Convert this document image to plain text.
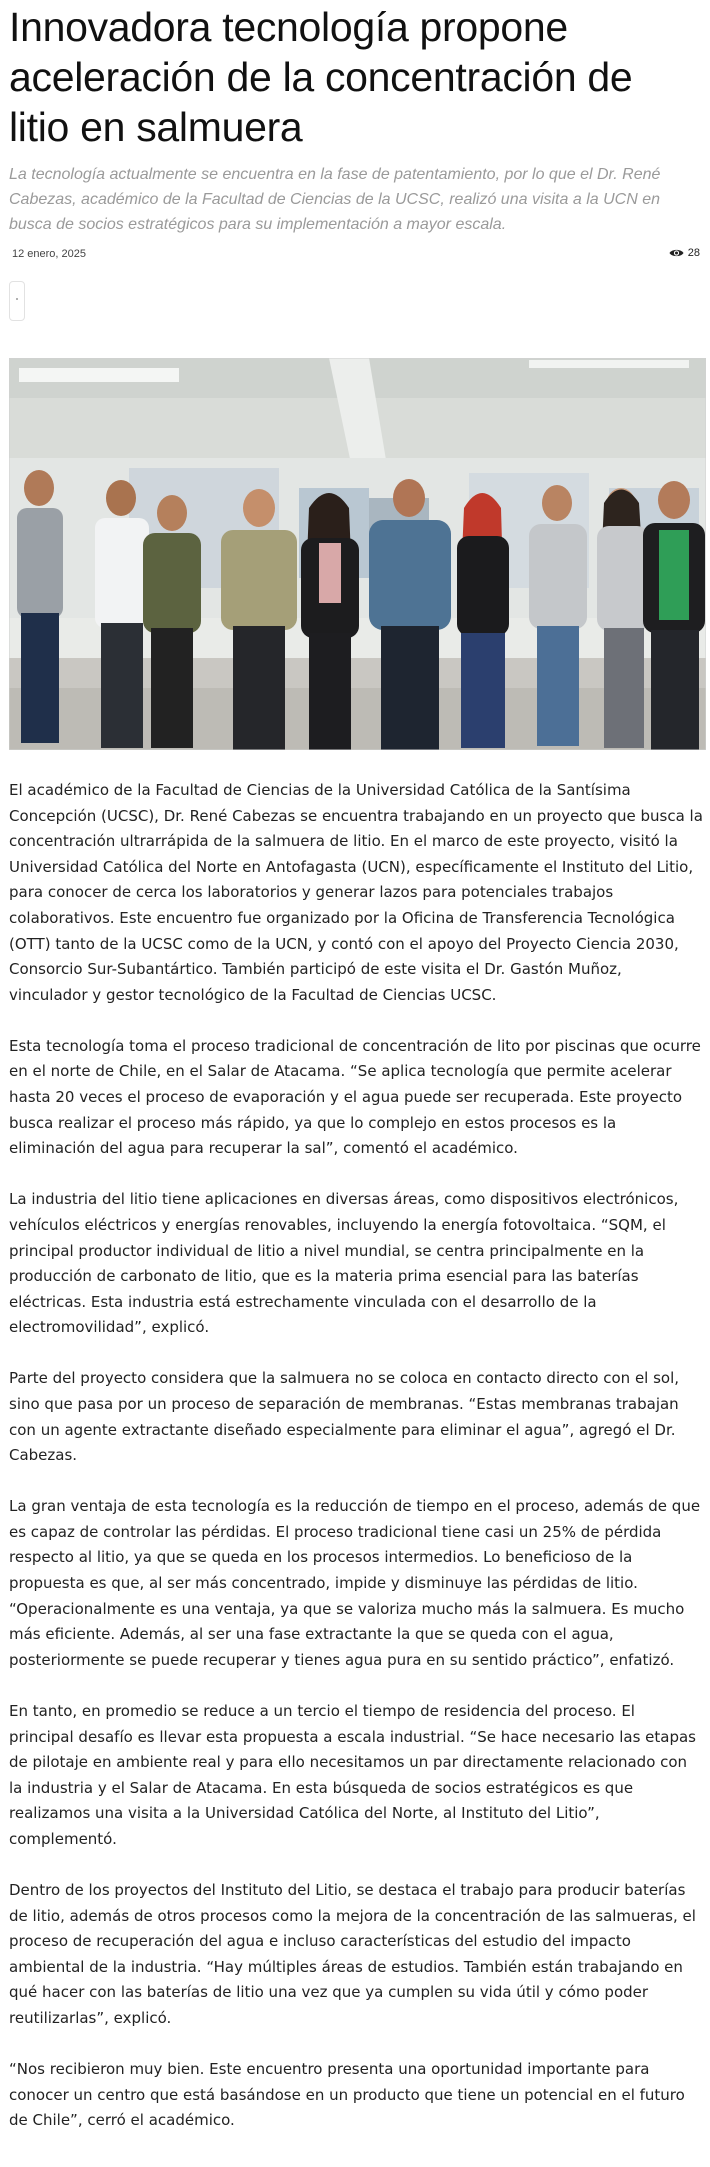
Innovadora tecnología propone aceleración de la concentración de litio en salmuera

La tecnología actualmente se encuentra en la fase de patentamiento, por lo que el Dr. René Cabezas, académico de la Facultad de Ciencias de la UCSC, realizó una visita a la UCN en busca de socios estratégicos para su implementación a mayor escala.

12 enero, 2025	28

El académico de la Facultad de Ciencias de la Universidad Católica de la Santísima Concepción (UCSC), Dr. René Cabezas se encuentra trabajando en un proyecto que busca la concentración ultrarrápida de la salmuera de litio. En el marco de este proyecto, visitó la Universidad Católica del Norte en Antofagasta (UCN), específicamente el Instituto del Litio, para conocer de cerca los laboratorios y generar lazos para potenciales trabajos colaborativos. Este encuentro fue organizado por la Oficina de Transferencia Tecnológica (OTT) tanto de la UCSC como de la UCN, y contó con el apoyo del Proyecto Ciencia 2030, Consorcio Sur-Subantártico. También participó de este visita el Dr. Gastón Muñoz, vinculador y gestor tecnológico de la Facultad de Ciencias UCSC.

Esta tecnología toma el proceso tradicional de concentración de lito por piscinas que ocurre en el norte de Chile, en el Salar de Atacama. “Se aplica tecnología que permite acelerar hasta 20 veces el proceso de evaporación y el agua puede ser recuperada. Este proyecto busca realizar el proceso más rápido, ya que lo complejo en estos procesos es la eliminación del agua para recuperar la sal”, comentó el académico.

La industria del litio tiene aplicaciones en diversas áreas, como dispositivos electrónicos, vehículos eléctricos y energías renovables, incluyendo la energía fotovoltaica. “SQM, el principal productor individual de litio a nivel mundial, se centra principalmente en la producción de carbonato de litio, que es la materia prima esencial para las baterías eléctricas. Esta industria está estrechamente vinculada con el desarrollo de la electromovilidad”, explicó.

Parte del proyecto considera que la salmuera no se coloca en contacto directo con el sol, sino que pasa por un proceso de separación de membranas. “Estas membranas trabajan con un agente extractante diseñado especialmente para eliminar el agua”, agregó el Dr. Cabezas.

La gran ventaja de esta tecnología es la reducción de tiempo en el proceso, además de que es capaz de controlar las pérdidas. El proceso tradicional tiene casi un 25% de pérdida respecto al litio, ya que se queda en los procesos intermedios. Lo beneficioso de la propuesta es que, al ser más concentrado, impide y disminuye las pérdidas de litio. “Operacionalmente es una ventaja, ya que se valoriza mucho más la salmuera. Es mucho más eficiente. Además, al ser una fase extractante la que se queda con el agua, posteriormente se puede recuperar y tienes agua pura en su sentido práctico”, enfatizó.

En tanto, en promedio se reduce a un tercio el tiempo de residencia del proceso. El principal desafío es llevar esta propuesta a escala industrial. “Se hace necesario las etapas de pilotaje en ambiente real y para ello necesitamos un par directamente relacionado con la industria y el Salar de Atacama. En esta búsqueda de socios estratégicos es que realizamos una visita a la Universidad Católica del Norte, al Instituto del Litio”, complementó.

Dentro de los proyectos del Instituto del Litio, se destaca el trabajo para producir baterías de litio, además de otros procesos como la mejora de la concentración de las salmueras, el proceso de recuperación del agua e incluso características del estudio del impacto ambiental de la industria. “Hay múltiples áreas de estudios. También están trabajando en qué hacer con las baterías de litio una vez que ya cumplen su vida útil y cómo poder reutilizarlas”, explicó.

“Nos recibieron muy bien. Este encuentro presenta una oportunidad importante para conocer un centro que está basándose en un producto que tiene un potencial en el futuro de Chile”, cerró el académico.
